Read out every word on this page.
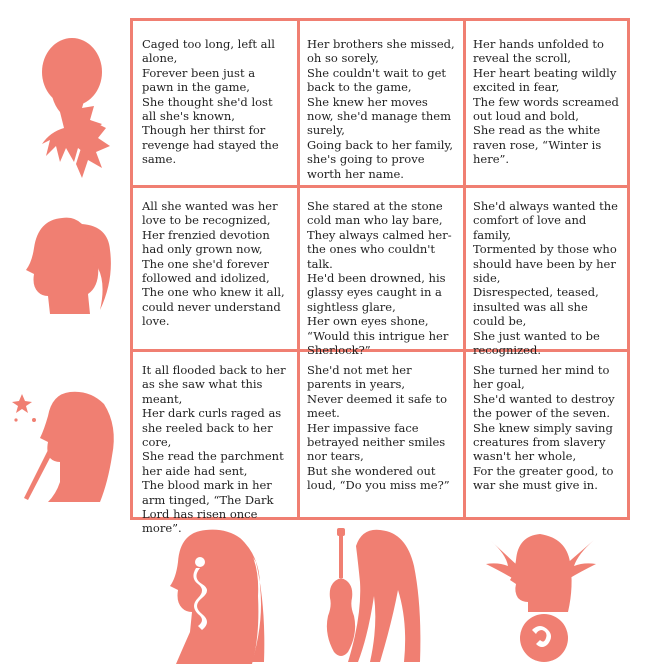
Caged too long, left all alone,
Forever been just a pawn in the game,
She thought she'd lost all she's known,
Though her thirst for revenge had stayed the same.
Her brothers she missed, oh so sorely,
She couldn't wait to get back to the game,
She knew her moves now, she'd manage them surely,
Going back to her family, she's going to prove worth her name.
Her hands unfolded to reveal the scroll,
Her heart beating wildly excited in fear,
The few words screamed out loud and bold,
She read as the white raven rose, “Winter is here”.
All she wanted was her love to be recognized,
Her frenzied devotion had only grown now,
The one she'd forever followed and idolized,
The one who knew it all, could never understand love.
She stared at the stone cold man who lay bare,
They always calmed her- the ones who couldn't talk.
He'd been drowned, his glassy eyes caught in a sightless glare,
Her own eyes shone, “Would this intrigue her Sherlock?”
She'd always wanted the comfort of love and family,
Tormented by those who should have been by her side,
Disrespected, teased, insulted was all she could be,
She just wanted to be recognized.
It all flooded back to her as she saw what this meant,
Her dark curls raged as she reeled back to her core,
She read the parchment her aide had sent,
The blood mark in her arm tinged, “The Dark Lord has risen once more”.
She'd not met her parents in years,
Never deemed it safe to meet.
Her impassive face betrayed neither smiles nor tears,
But she wondered out loud, “Do you miss me?”
She turned her mind to her goal,
She'd wanted to destroy the power of the seven.
She knew simply saving creatures from slavery wasn't her whole,
For the greater good, to war she must give in.
